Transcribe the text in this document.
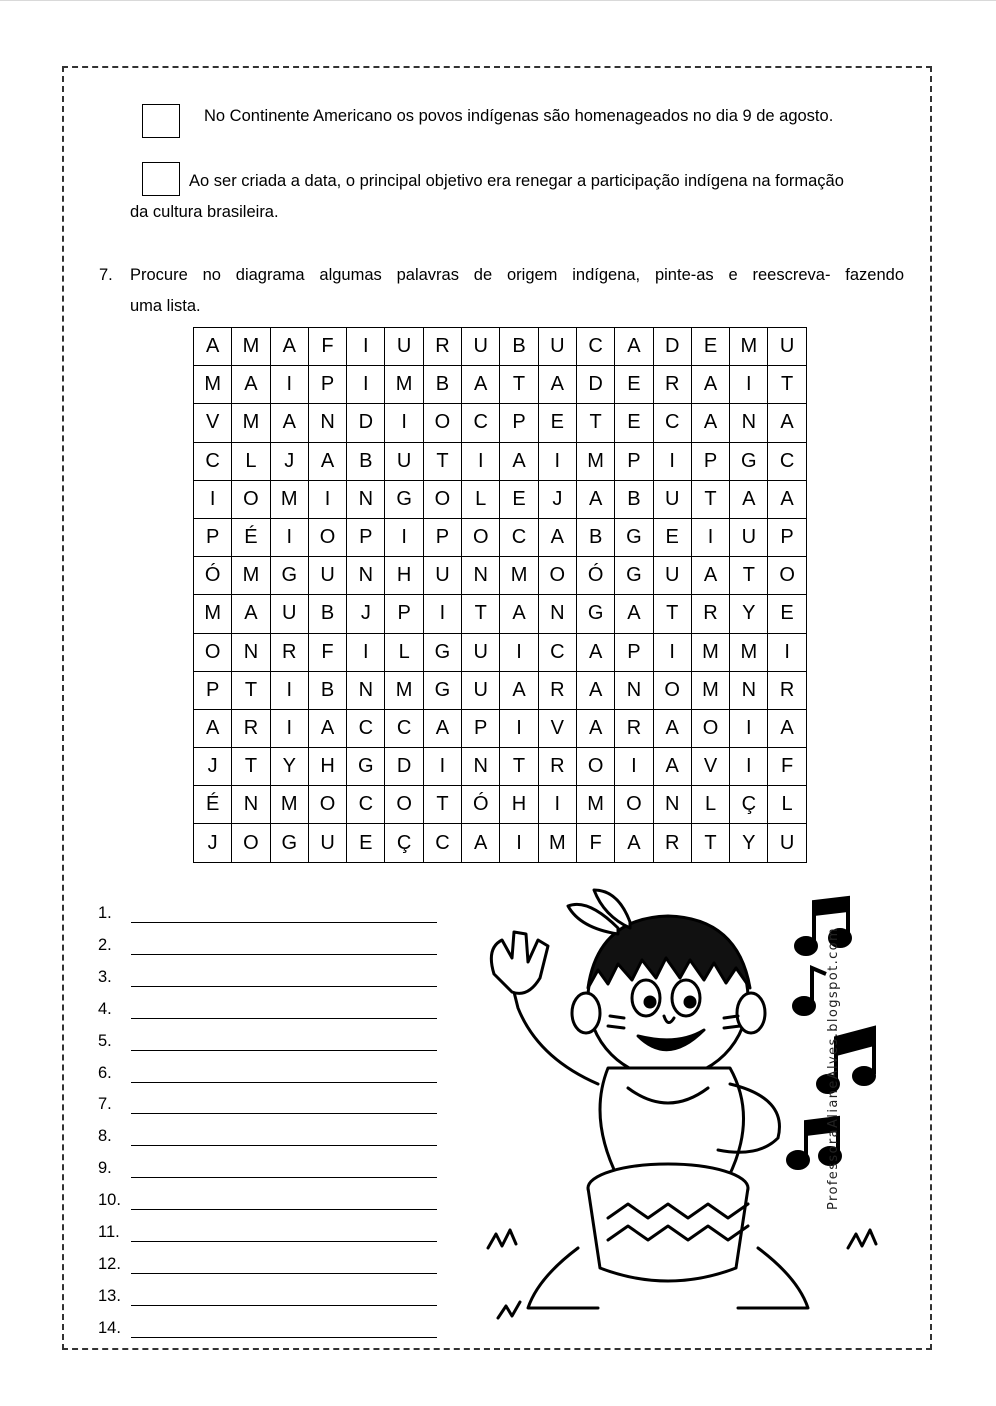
No Continente Americano os povos indígenas são homenageados no dia 9 de agosto.
Ao ser criada a data, o principal objetivo era renegar a participação indígena na formação
da cultura brasileira.
7. Procure no diagrama algumas palavras de origem indígena, pinte-as e reescreva- fazendo
uma lista.
A	M	A	F	I	U	R	U	B	U	C	A	D	E	M	U
M	A	I	P	I	M	B	A	T	A	D	E	R	A	I	T
V	M	A	N	D	I	O	C	P	E	T	E	C	A	N	A
C	L	J	A	B	U	T	I	A	I	M	P	I	P	G	C
I	O	M	I	N	G	O	L	E	J	A	B	U	T	A	A
P	É	I	O	P	I	P	O	C	A	B	G	E	I	U	P
Ó	M	G	U	N	H	U	N	M	O	Ó	G	U	A	T	O
M	A	U	B	J	P	I	T	A	N	G	A	T	R	Y	E
O	N	R	F	I	L	G	U	I	C	A	P	I	M	M	I
P	T	I	B	N	M	G	U	A	R	A	N	O	M	N	R
A	R	I	A	C	C	A	P	I	V	A	R	A	O	I	A
J	T	Y	H	G	D	I	N	T	R	O	I	A	V	I	F
É	N	M	O	C	O	T	Ó	H	I	M	O	N	L	Ç	L
J	O	G	U	E	Ç	C	A	I	M	F	A	R	T	Y	U
1.
2.
3.
4.
5.
6.
7.
8.
9.
10.
11.
12.
13.
14.
ProfessoraAlianeAlves.blogspot.com
